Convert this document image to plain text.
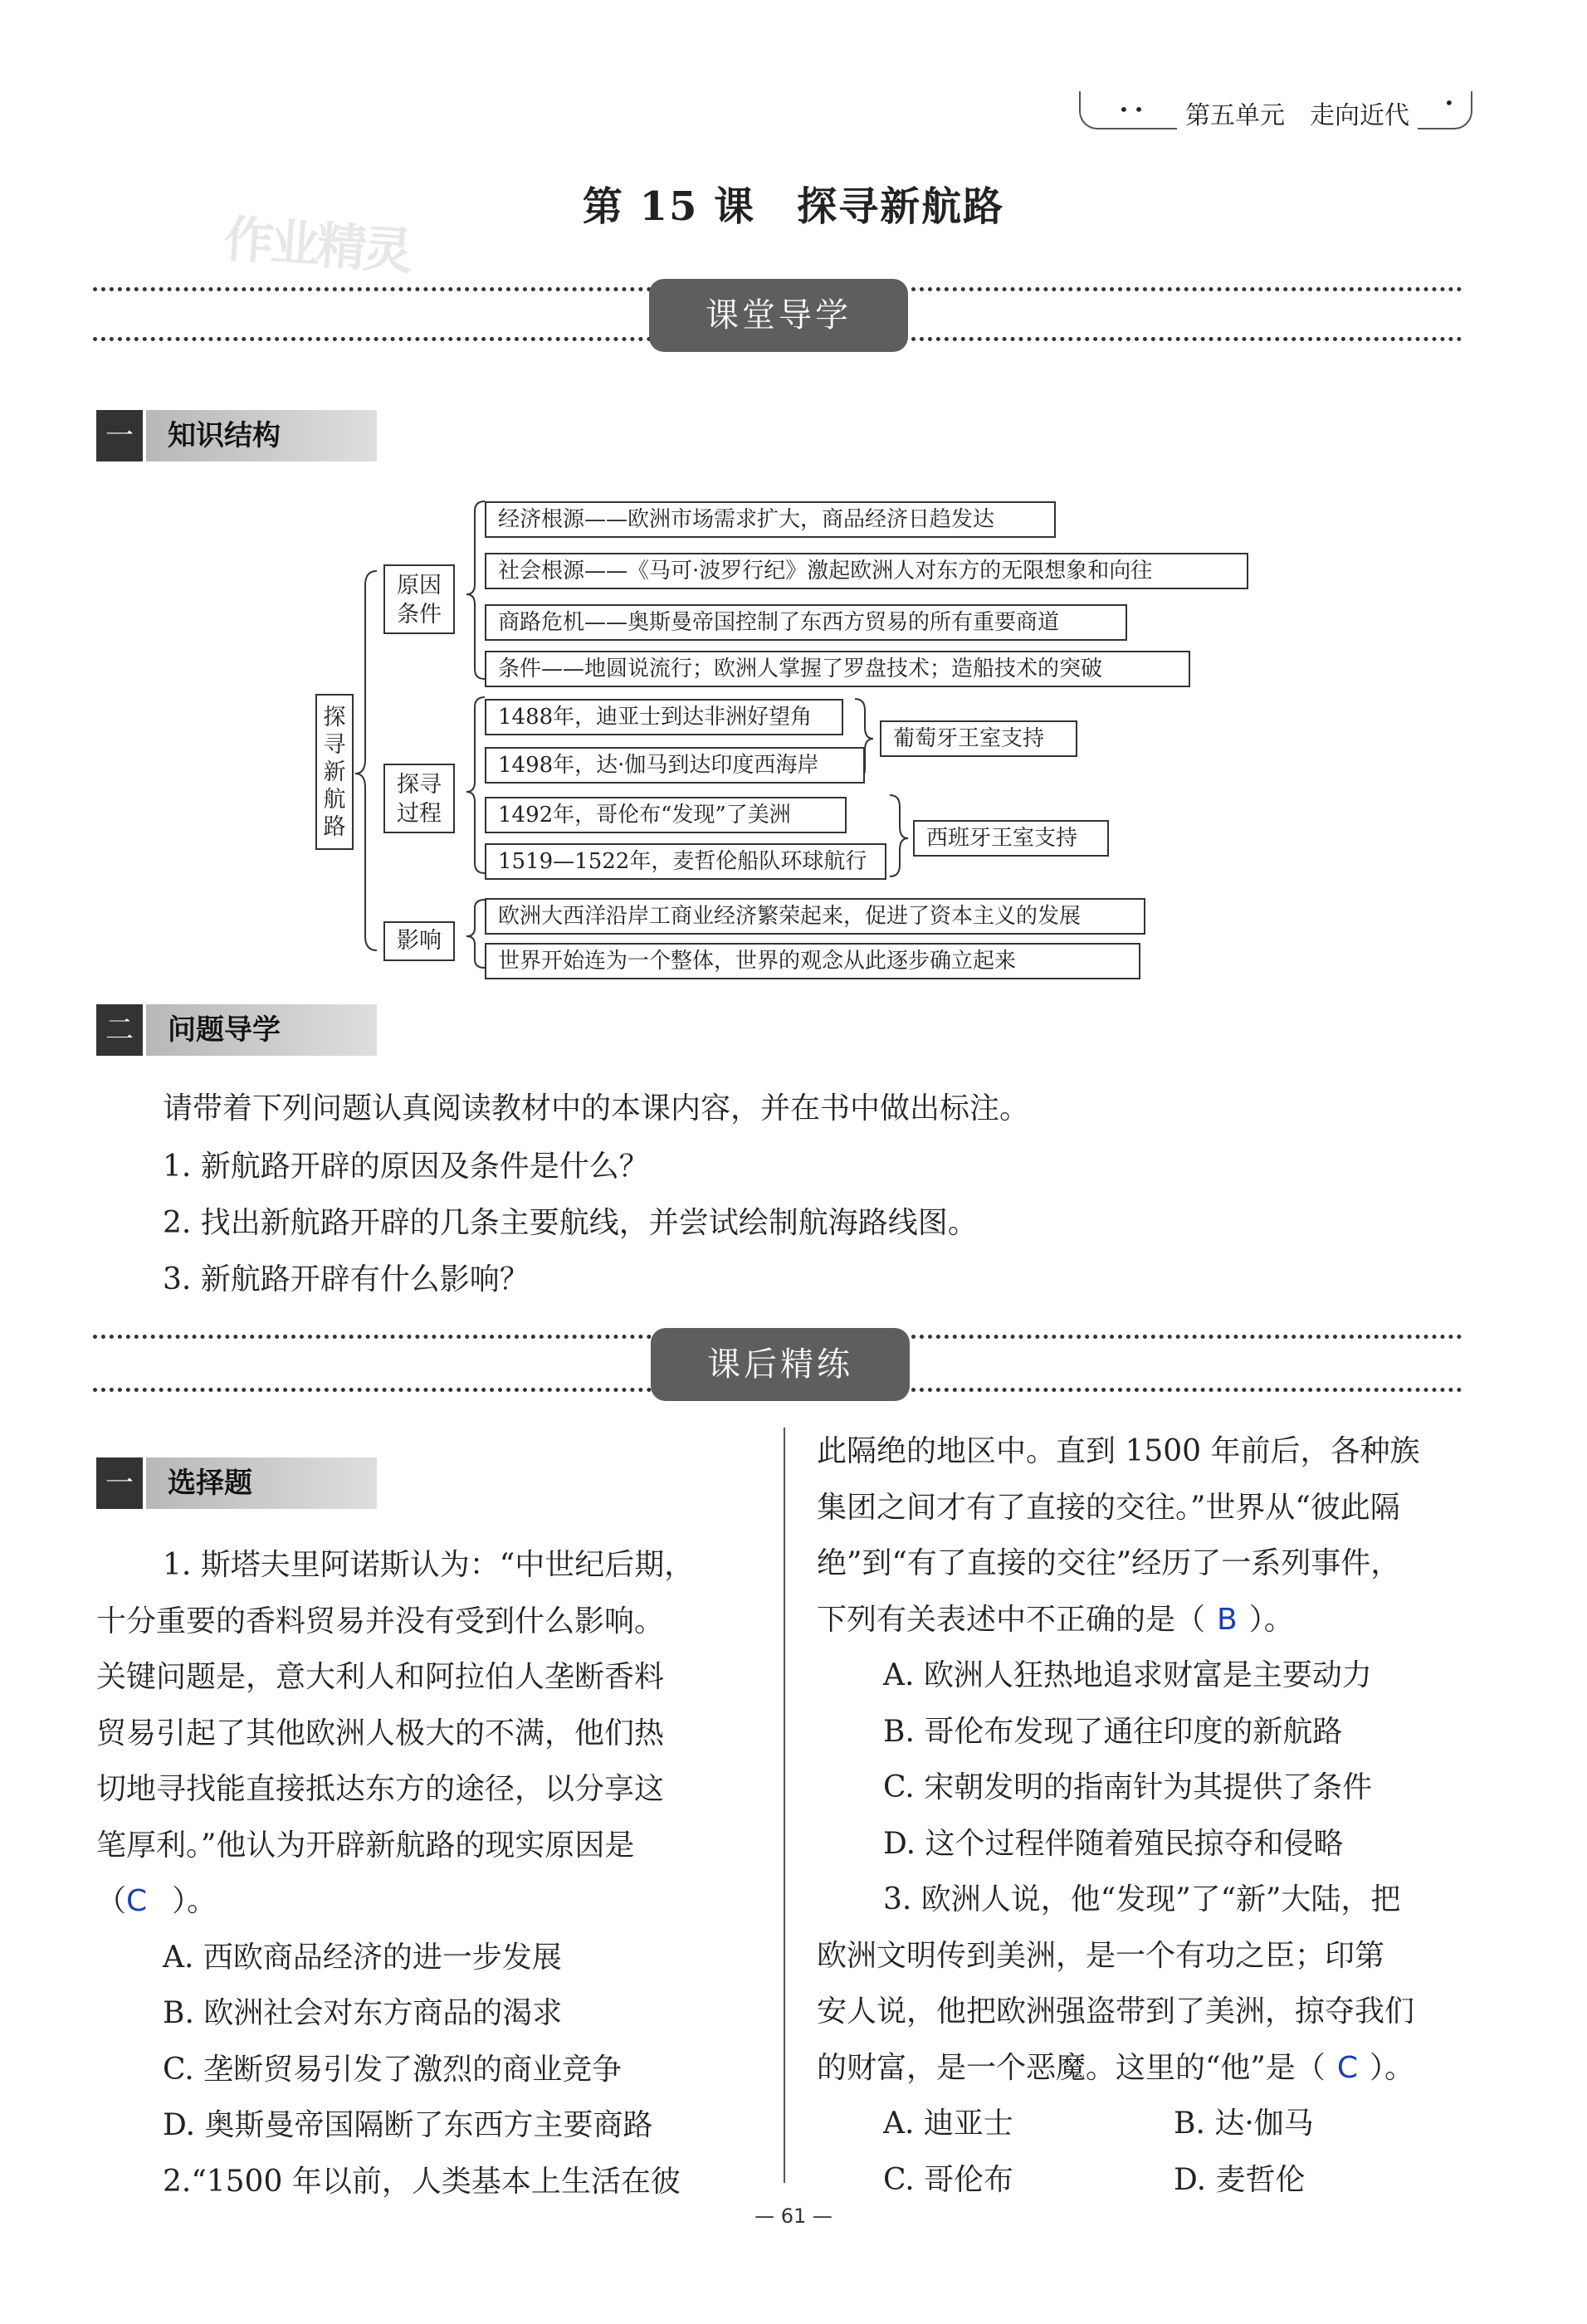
• •	第五单元　 走向近代	•
作业精灵
第 15 课　探寻新航路
课堂导学
一	知识结构
探寻新航路
原因条件
探寻过程
影响
经济根源——欧洲市场需求扩大，商品经济日趋发达
社会根源——《马可·波罗行纪》激起欧洲人对东方的无限想象和向往
商路危机——奥斯曼帝国控制了东西方贸易的所有重要商道
条件——地圆说流行；欧洲人掌握了罗盘技术；造船技术的突破
1488年，迪亚士到达非洲好望角
1498年，达·伽马到达印度西海岸
1492年，哥伦布“发现”了美洲
1519—1522年，麦哲伦船队环球航行
葡萄牙王室支持
西班牙王室支持
欧洲大西洋沿岸工商业经济繁荣起来，促进了资本主义的发展
世界开始连为一个整体，世界的观念从此逐步确立起来
二	问题导学
请带着下列问题认真阅读教材中的本课内容，并在书中做出标注。
1. 新航路开辟的原因及条件是什么？
2. 找出新航路开辟的几条主要航线，并尝试绘制航海路线图。
3. 新航路开辟有什么影响？
课后精练
一	选择题
1. 斯塔夫里阿诺斯认为：“中世纪后期，
十分重要的香料贸易并没有受到什么影响。
关键问题是，意大利人和阿拉伯人垄断香料
贸易引起了其他欧洲人极大的不满，他们热
切地寻找能直接抵达东方的途径，以分享这
笔厚利。”他认为开辟新航路的现实原因是
（C ）。
A. 西欧商品经济的进一步发展
B. 欧洲社会对东方商品的渴求
C. 垄断贸易引发了激烈的商业竞争
D. 奥斯曼帝国隔断了东西方主要商路
2.“1500 年以前，人类基本上生活在彼
此隔绝的地区中。直到 1500 年前后，各种族
集团之间才有了直接的交往。”世界从“彼此隔
绝”到“有了直接的交往”经历了一系列事件，
下列有关表述中不正确的是（ B ）。
A. 欧洲人狂热地追求财富是主要动力
B. 哥伦布发现了通往印度的新航路
C. 宋朝发明的指南针为其提供了条件
D. 这个过程伴随着殖民掠夺和侵略
3. 欧洲人说，他“发现”了“新”大陆，把
欧洲文明传到美洲，是一个有功之臣；印第
安人说，他把欧洲强盗带到了美洲，掠夺我们
的财富，是一个恶魔。这里的“他”是（ C ）。
A. 迪亚士	B. 达·伽马
C. 哥伦布	D. 麦哲伦
— 61 —
